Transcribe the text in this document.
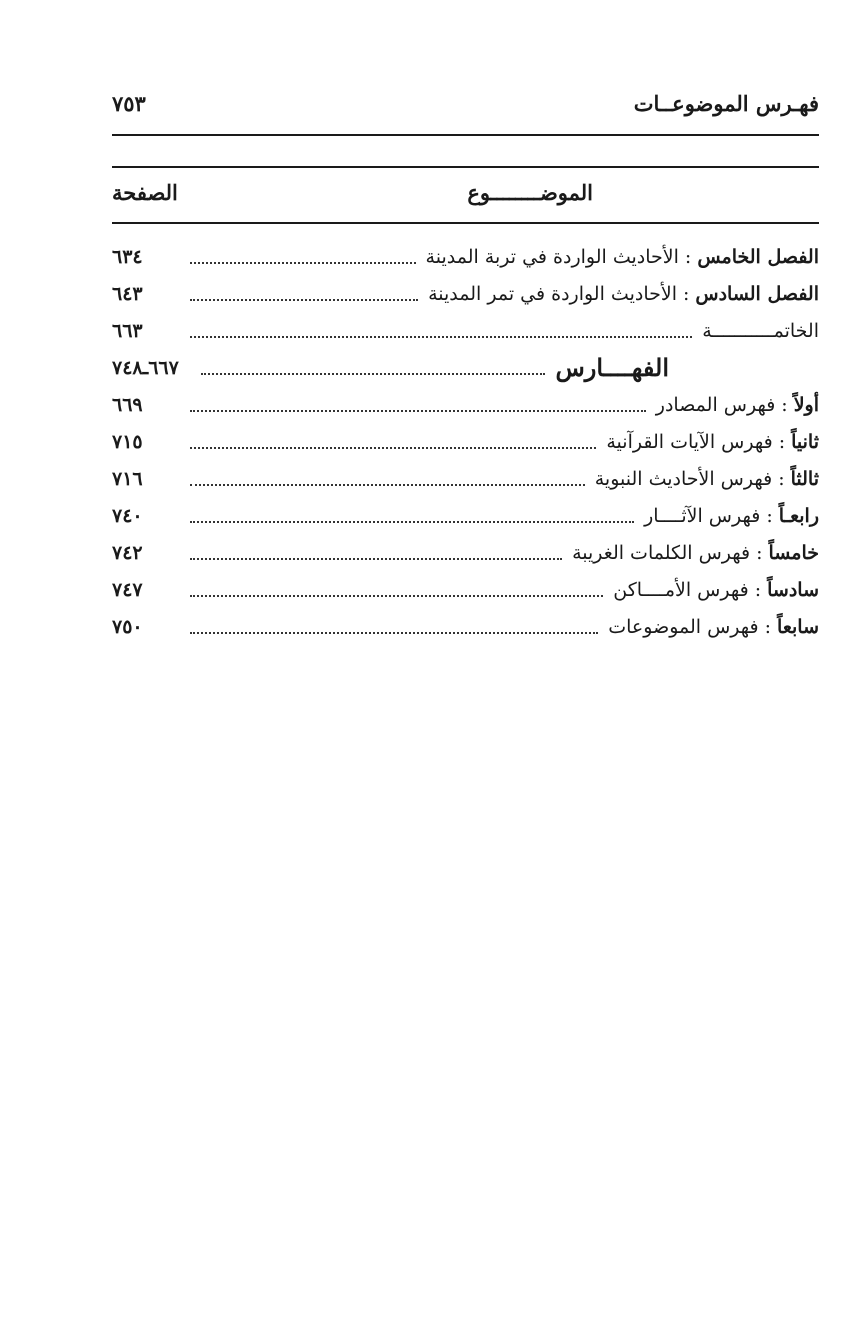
فهـرس الموضوعــات
٧٥٣
الموضــــــــوع
الصفحة
الفصل الخامس:الأحاديث الواردة في تربة المدينة
٦٣٤
الفصل السادس:الأحاديث الواردة في تمر المدينة
٦٤٣
الخاتمـــــــــــة
٦٦٣
الفهــــارس
٦٦٧ـ٧٤٨
أولاً:فهرس المصادر
٦٦٩
ثانياً:فهرس الآيات القرآنية
٧١٥
ثالثاً:فهرس الأحاديث النبوية
٧١٦
رابعـاً:فهرس الآثــــار
٧٤٠
خامساً:فهرس الكلمات الغريبة
٧٤٢
سادساً:فهرس الأمــــاكن
٧٤٧
سابعاً:فهرس الموضوعات
٧٥٠
